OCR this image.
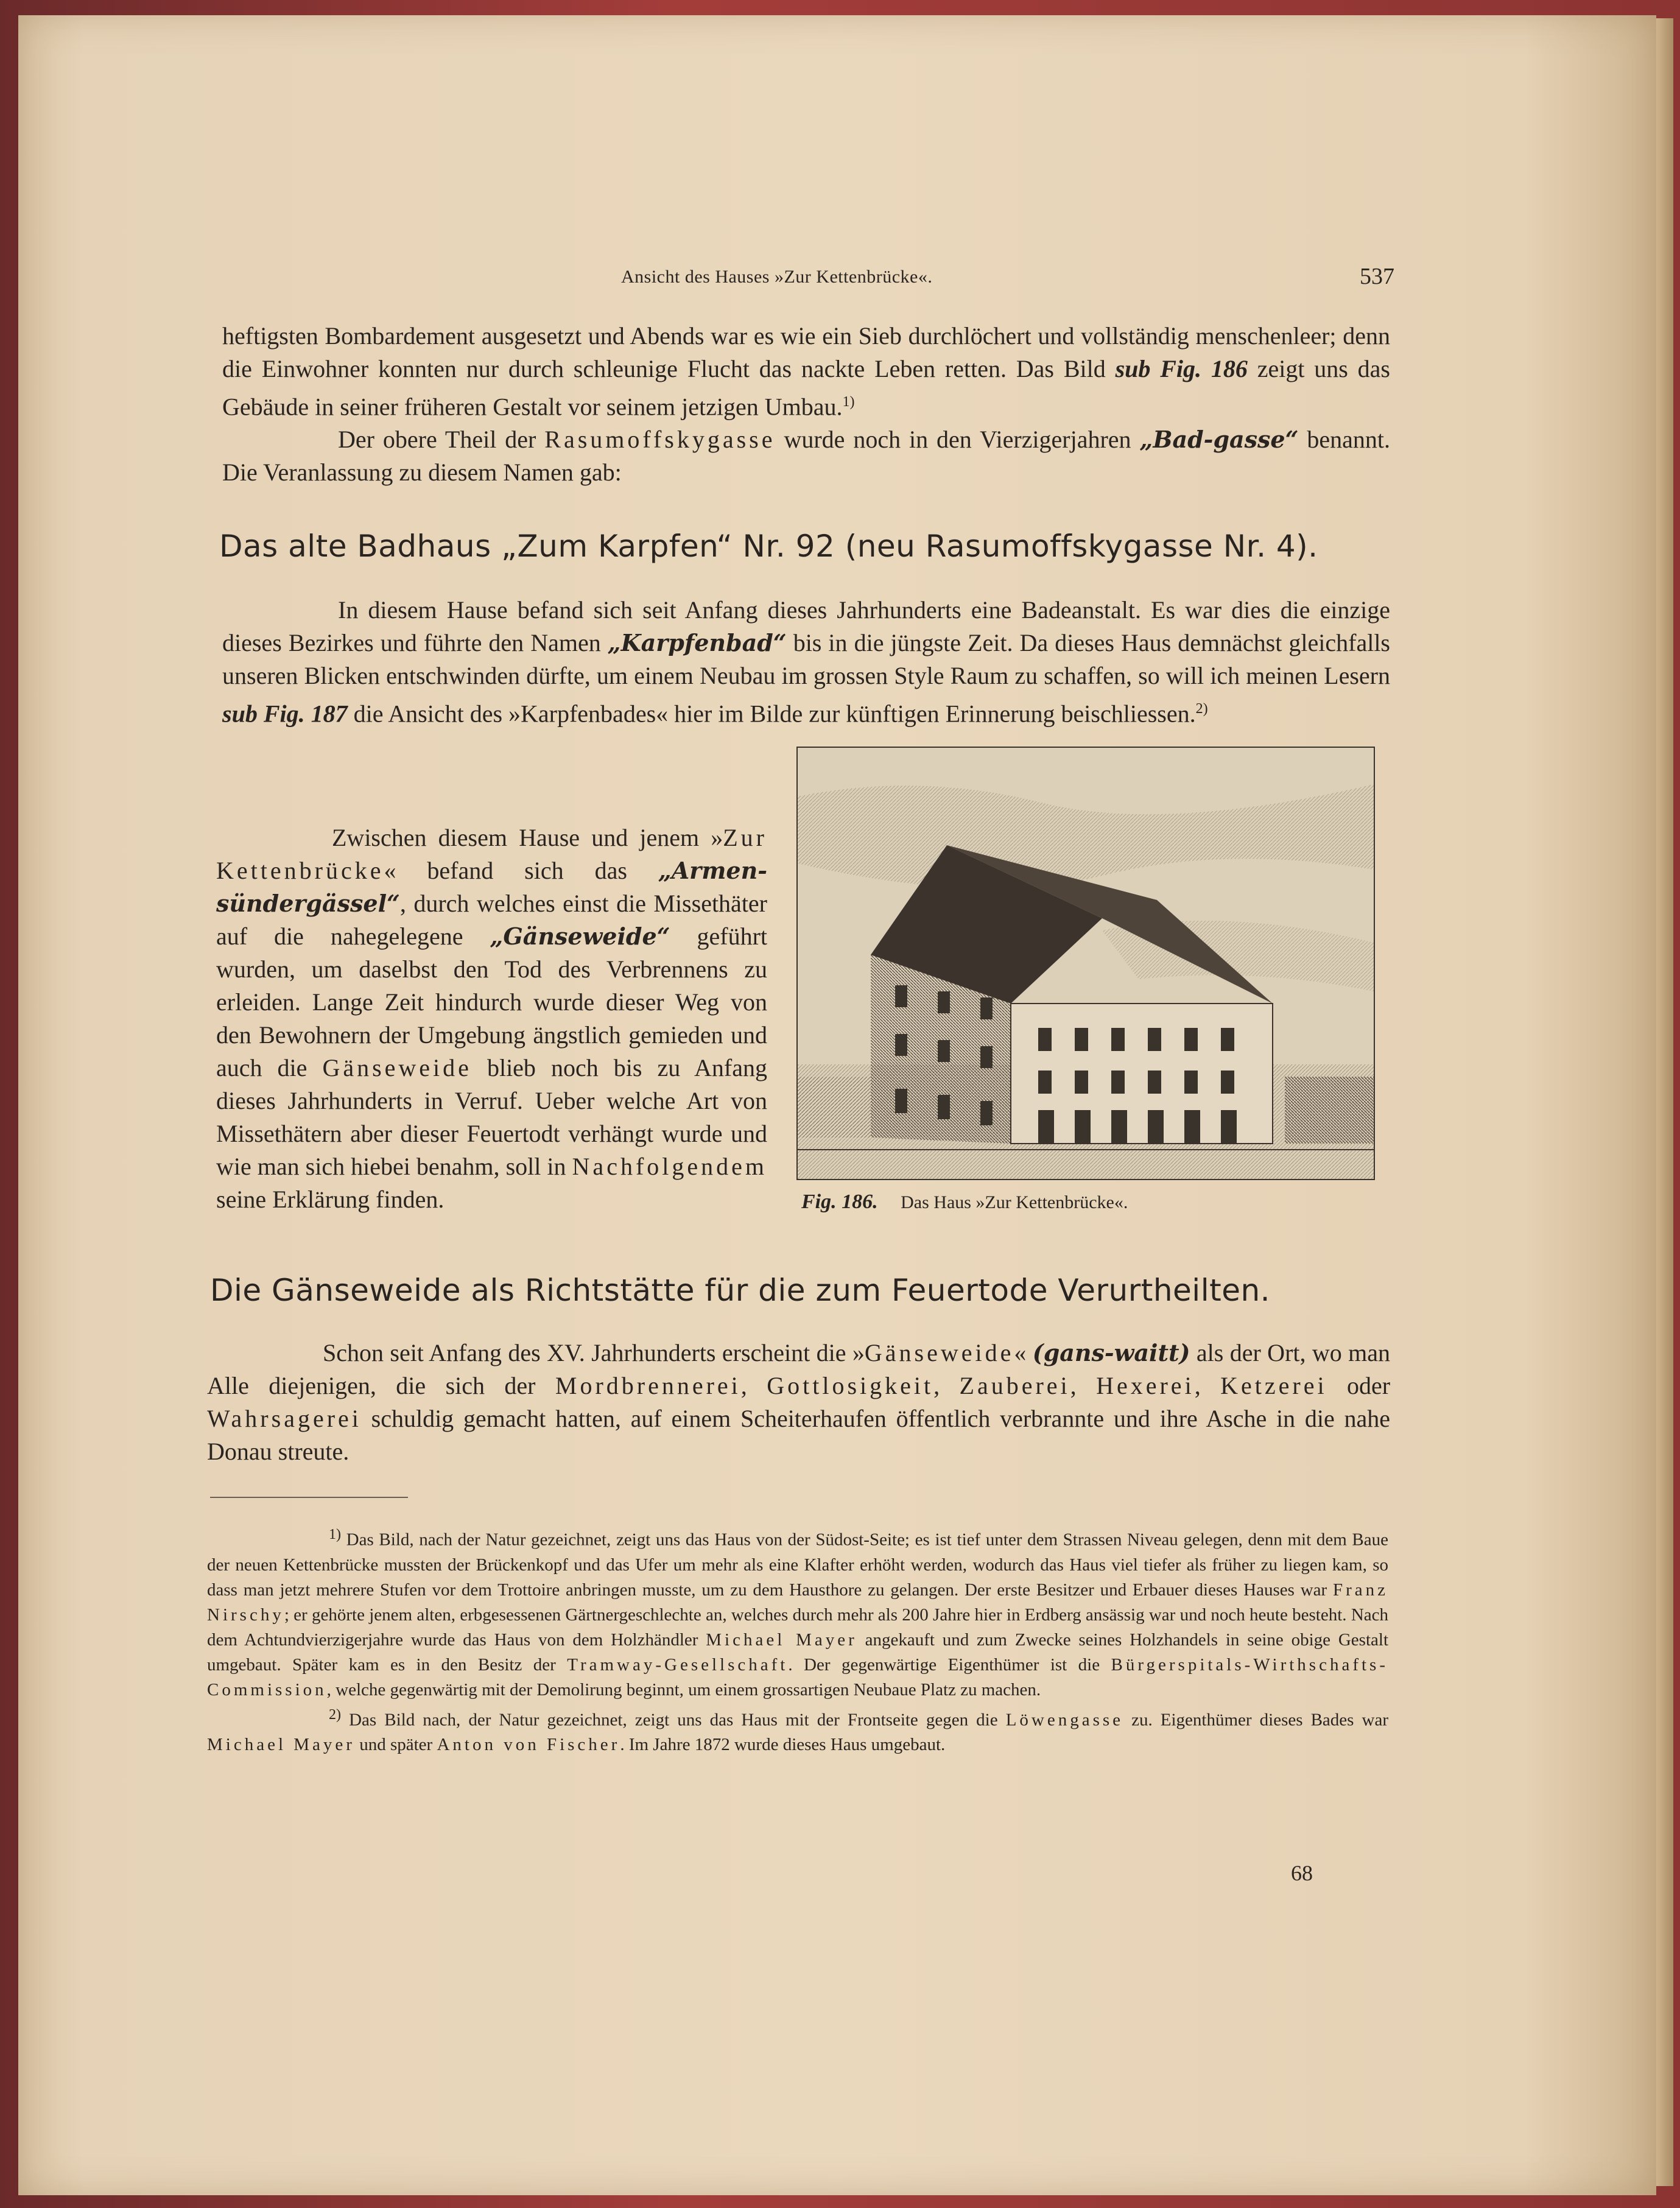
Ansicht des Hauses »Zur Kettenbrücke«.	537

heftigsten Bombardement ausgesetzt und Abends war es wie ein Sieb durchlöchert und vollständig menschenleer; denn die Einwohner konnten nur durch schleunige Flucht das nackte Leben retten. Das Bild sub Fig. 186 zeigt uns das Gebäude in seiner früheren Gestalt vor seinem jetzigen Umbau.$^{1)}$

Der obere Theil der Rasumoffskygasse wurde noch in den Vierzigerjahren „Bad-gasse“ benannt. Die Veranlassung zu diesem Namen gab:

Das alte Badhaus „Zum Karpfen“ Nr. 92 (neu Rasumoffskygasse Nr. 4).

In diesem Hause befand sich seit Anfang dieses Jahrhunderts eine Badeanstalt. Es war dies die einzige dieses Bezirkes und führte den Namen „Karpfenbad“ bis in die jüngste Zeit. Da dieses Haus demnächst gleichfalls unseren Blicken entschwinden dürfte, um einem Neubau im grossen Style Raum zu schaffen, so will ich meinen Lesern sub Fig. 187 die Ansicht des »Karpfenbades« hier im Bilde zur künftigen Erinnerung beischliessen.$^{2)}$

Zwischen diesem Hause und jenem »Zur Kettenbrücke« befand sich das „Armen-sündergässel“, durch welches einst die Missethäter auf die nahegelegene „Gänseweide“ geführt wurden, um daselbst den Tod des Verbrennens zu erleiden. Lange Zeit hindurch wurde dieser Weg von den Bewohnern der Umgebung ängstlich gemieden und auch die Gänseweide blieb noch bis zu Anfang dieses Jahrhunderts in Verruf. Ueber welche Art von Missethätern aber dieser Feuertodt verhängt wurde und wie man sich hiebei benahm, soll in Nachfolgendem seine Erklärung finden.	Fig. 186. Das Haus »Zur Kettenbrücke«.
Die Gänseweide als Richtstätte für die zum Feuertode Verurtheilten.

Schon seit Anfang des XV. Jahrhunderts erscheint die »Gänseweide« (gans-waitt) als der Ort, wo man Alle diejenigen, die sich der Mordbrennerei, Gottlosigkeit, Zauberei, Hexerei, Ketzerei oder Wahrsagerei schuldig gemacht hatten, auf einem Scheiterhaufen öffentlich verbrannte und ihre Asche in die nahe Donau streute.

$^{1)}$ Das Bild, nach der Natur gezeichnet, zeigt uns das Haus von der Südost-Seite; es ist tief unter dem Strassen Niveau gelegen, denn mit dem Baue der neuen Kettenbrücke mussten der Brückenkopf und das Ufer um mehr als eine Klafter erhöht werden, wodurch das Haus viel tiefer als früher zu liegen kam, so dass man jetzt mehrere Stufen vor dem Trottoire anbringen musste, um zu dem Hausthore zu gelangen. Der erste Besitzer und Erbauer dieses Hauses war Franz Nirschy; er gehörte jenem alten, erbgesessenen Gärtnergeschlechte an, welches durch mehr als 200 Jahre hier in Erdberg ansässig war und noch heute besteht. Nach dem Achtundvierzigerjahre wurde das Haus von dem Holzhändler Michael Mayer angekauft und zum Zwecke seines Holzhandels in seine obige Gestalt umgebaut. Später kam es in den Besitz der Tramway-Gesellschaft. Der gegenwärtige Eigenthümer ist die Bürgerspitals-Wirthschafts-Commission, welche gegenwärtig mit der Demolirung beginnt, um einem grossartigen Neubaue Platz zu machen.

$^{2)}$ Das Bild nach, der Natur gezeichnet, zeigt uns das Haus mit der Frontseite gegen die Löwengasse zu. Eigenthümer dieses Bades war Michael Mayer und später Anton von Fischer. Im Jahre 1872 wurde dieses Haus umgebaut.

68
